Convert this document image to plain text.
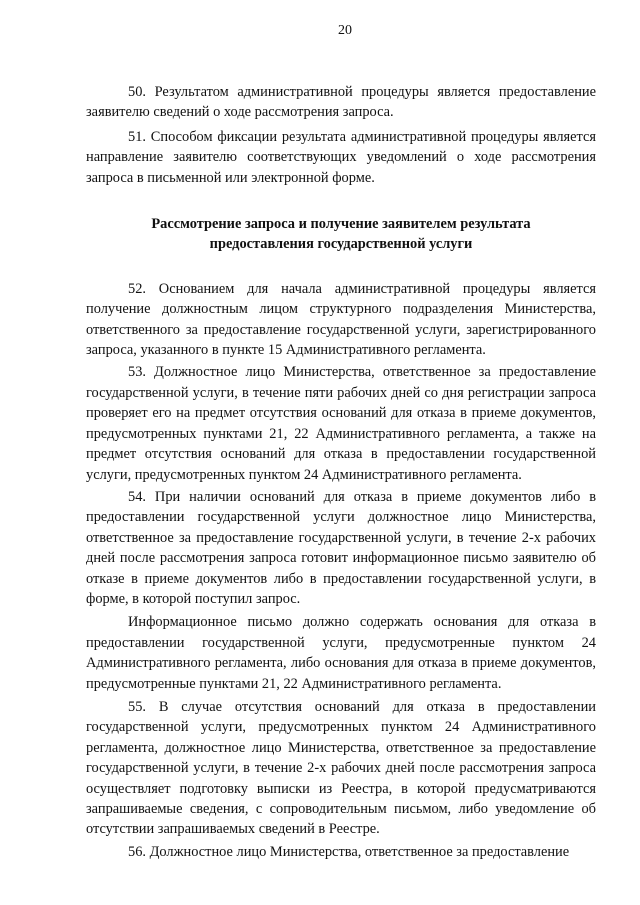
20

50. Результатом административной процедуры является предоставление заявителю сведений о ходе рассмотрения запроса.

51. Способом фиксации результата административной процедуры является направление заявителю соответствующих уведомлений о ходе рассмотрения запроса в письменной или электронной форме.

Рассмотрение запроса и получение заявителем результата
предоставления государственной услуги

52. Основанием для начала административной процедуры является получение должностным лицом структурного подразделения Министерства, ответственного за предоставление государственной услуги, зарегистрированного запроса, указанного в пункте 15 Административного регламента.

53. Должностное лицо Министерства, ответственное за предоставление государственной услуги, в течение пяти рабочих дней со дня регистрации запроса проверяет его на предмет отсутствия оснований для отказа в приеме документов, предусмотренных пунктами 21, 22 Административного регламента, а также на предмет отсутствия оснований для отказа в предоставлении государственной услуги, предусмотренных пунктом 24 Административного регламента.

54. При наличии оснований для отказа в приеме документов либо в предоставлении государственной услуги должностное лицо Министерства, ответственное за предоставление государственной услуги, в течение 2-х рабочих дней после рассмотрения запроса готовит информационное письмо заявителю об отказе в приеме документов либо в предоставлении государственной услуги, в форме, в которой поступил запрос.

Информационное письмо должно содержать основания для отказа в предоставлении государственной услуги, предусмотренные пунктом 24 Административного регламента, либо основания для отказа в приеме документов, предусмотренные пунктами 21, 22 Административного регламента.

55. В случае отсутствия оснований для отказа в предоставлении государственной услуги, предусмотренных пунктом 24 Административного регламента, должностное лицо Министерства, ответственное за предоставление государственной услуги, в течение 2-х рабочих дней после рассмотрения запроса осуществляет подготовку выписки из Реестра, в которой предусматриваются запрашиваемые сведения, с сопроводительным письмом, либо уведомление об отсутствии запрашиваемых сведений в Реестре.

56. Должностное лицо Министерства, ответственное за предоставление
